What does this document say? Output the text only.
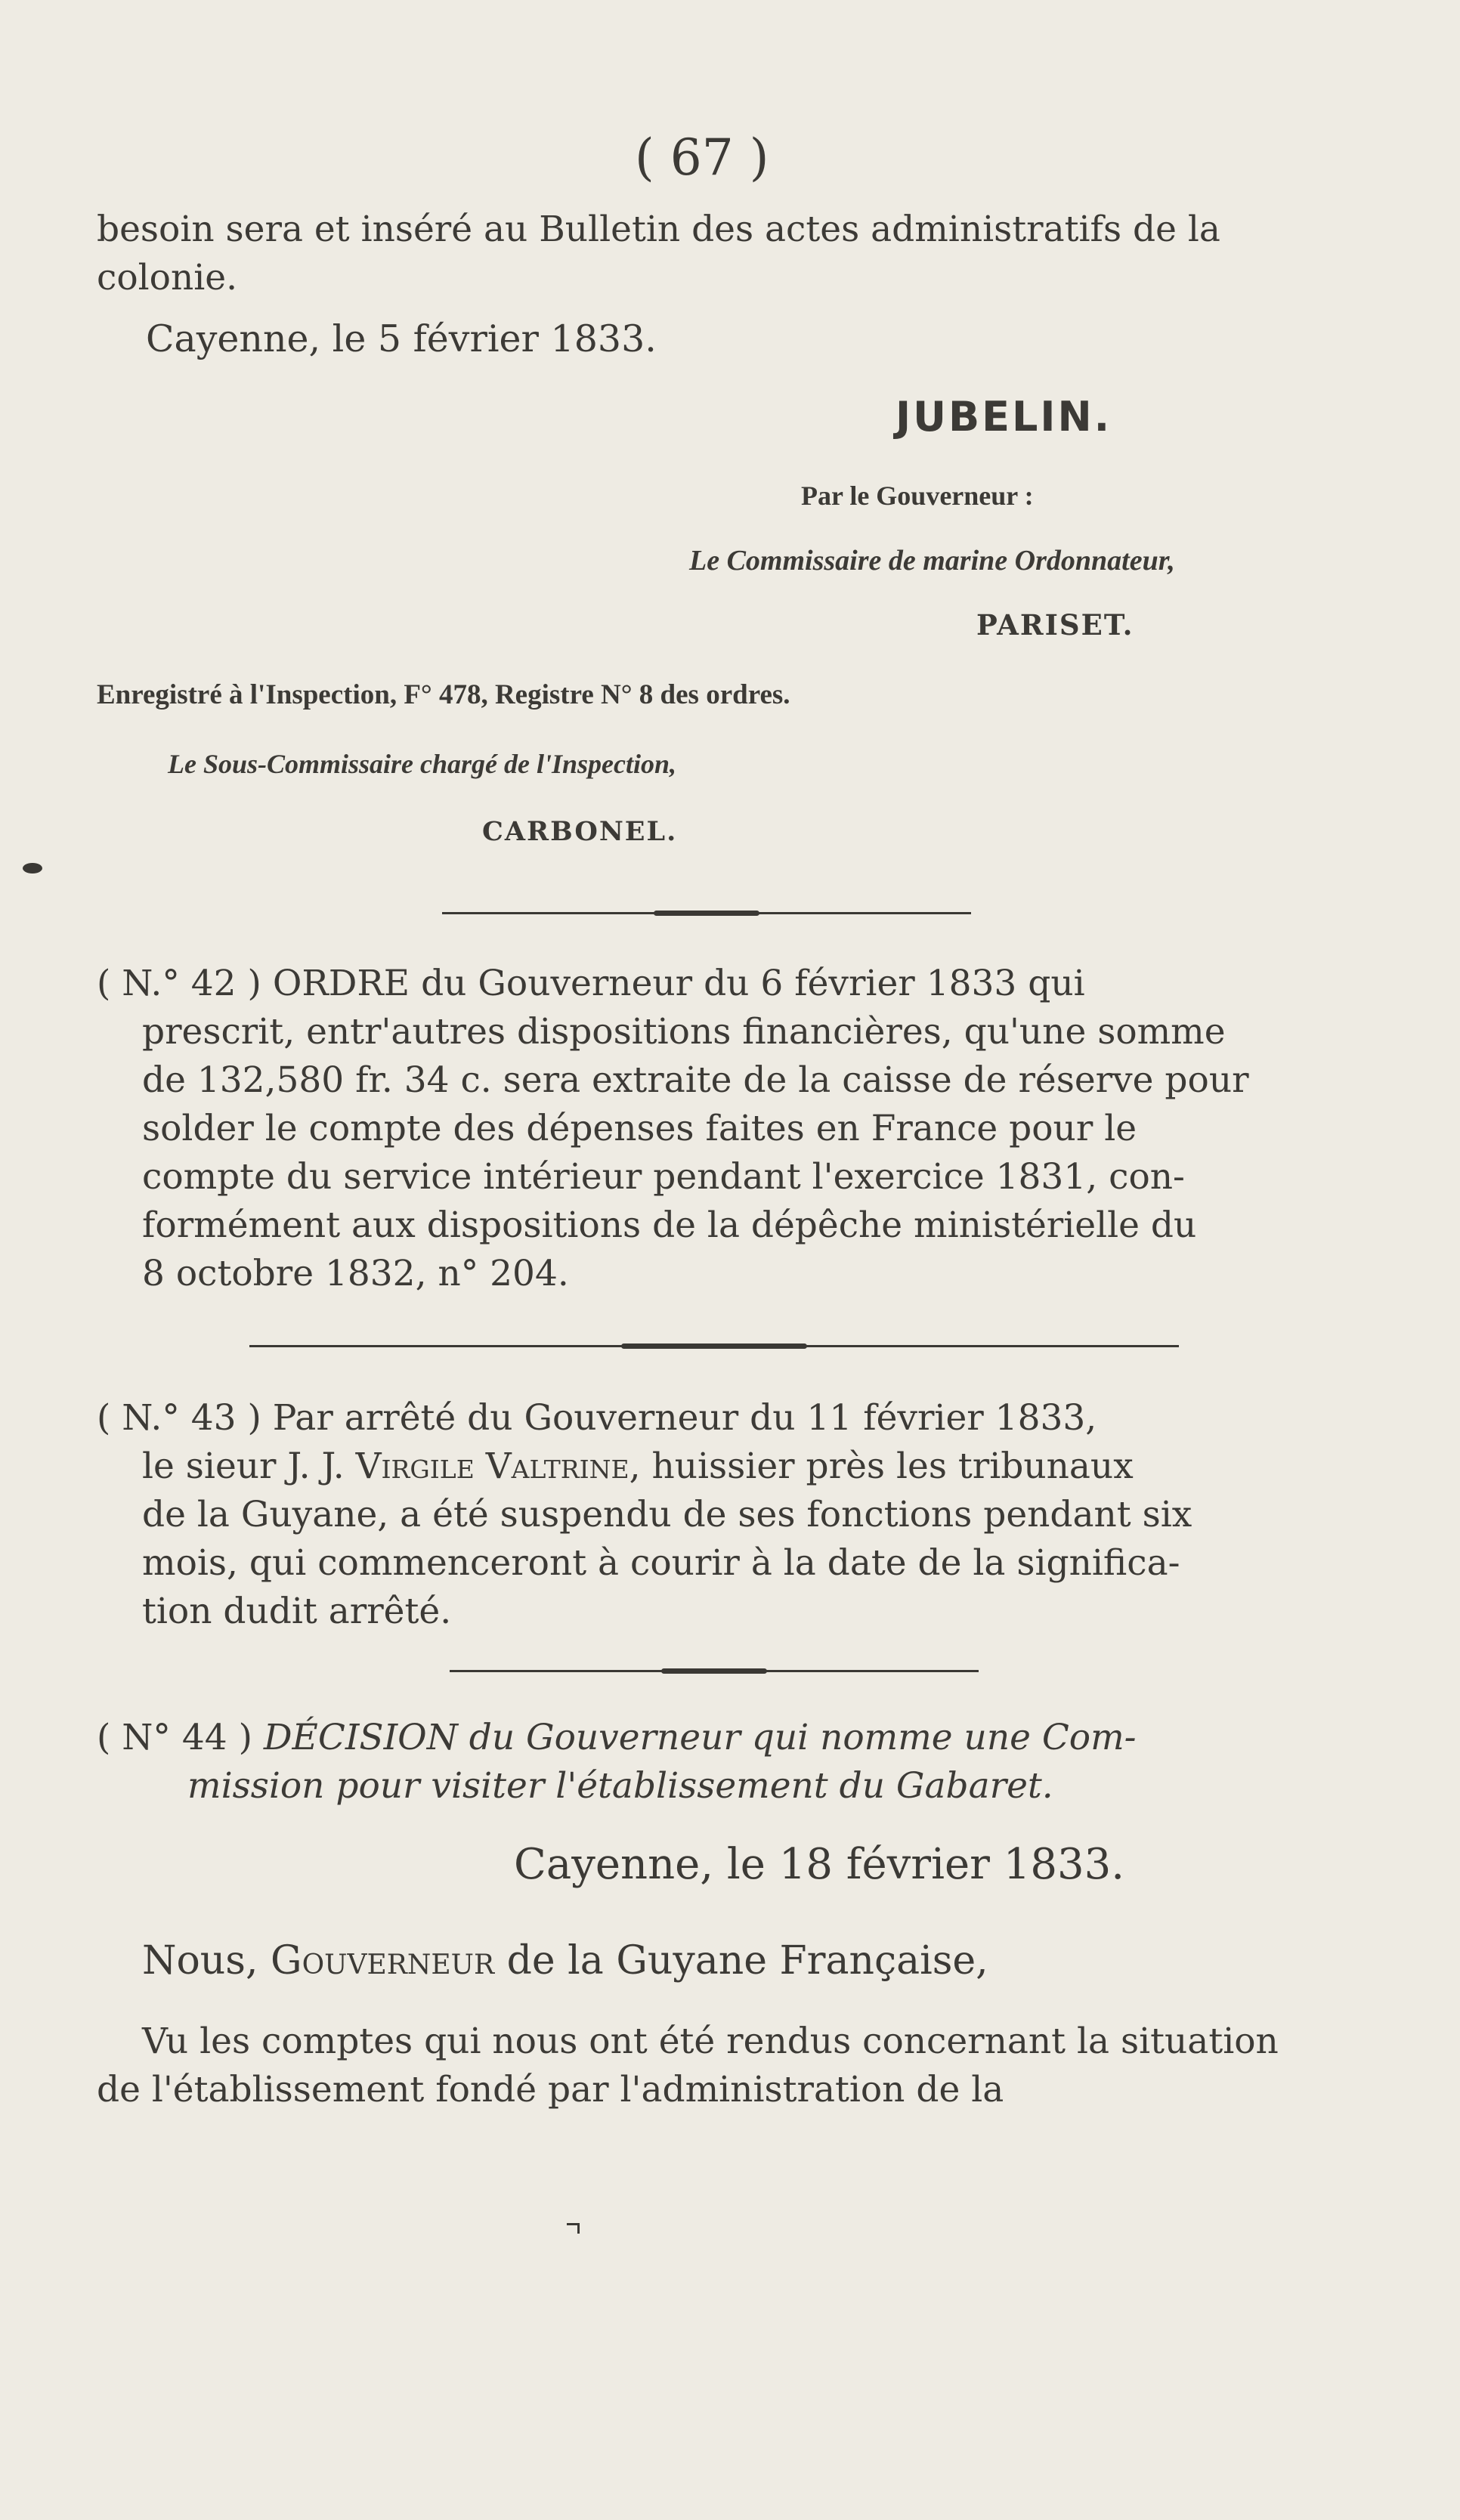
( 67 )
besoin sera et inséré au Bulletin des actes administratifs de la
colonie.
Cayenne, le 5 février 1833.
JUBELIN.
Par le Gouverneur :
Le Commissaire de marine Ordonnateur,
PARISET.
Enregistré à l'Inspection, F° 478, Registre N° 8 des ordres.
Le Sous-Commissaire chargé de l'Inspection,
CARBONEL.
( N.° 42 ) ORDRE du Gouverneur du 6 février 1833 qui
prescrit, entr'autres dispositions financières, qu'une somme
de 132,580 fr. 34 c. sera extraite de la caisse de réserve pour
solder le compte des dépenses faites en France pour le
compte du service intérieur pendant l'exercice 1831, con-
formément aux dispositions de la dépêche ministérielle du
8 octobre 1832, n° 204.
( N.° 43 ) Par arrêté du Gouverneur du 11 février 1833,
le sieur J. J. Virgile Valtrine, huissier près les tribunaux
de la Guyane, a été suspendu de ses fonctions pendant six
mois, qui commenceront à courir à la date de la significa-
tion dudit arrêté.
( N° 44 ) DÉCISION du Gouverneur qui nomme une Com-
mission pour visiter l'établissement du Gabaret.
Cayenne, le 18 février 1833.
Nous, Gouverneur de la Guyane Française,
Vu les comptes qui nous ont été rendus concernant la situation de l'établissement fondé par l'administration de la
